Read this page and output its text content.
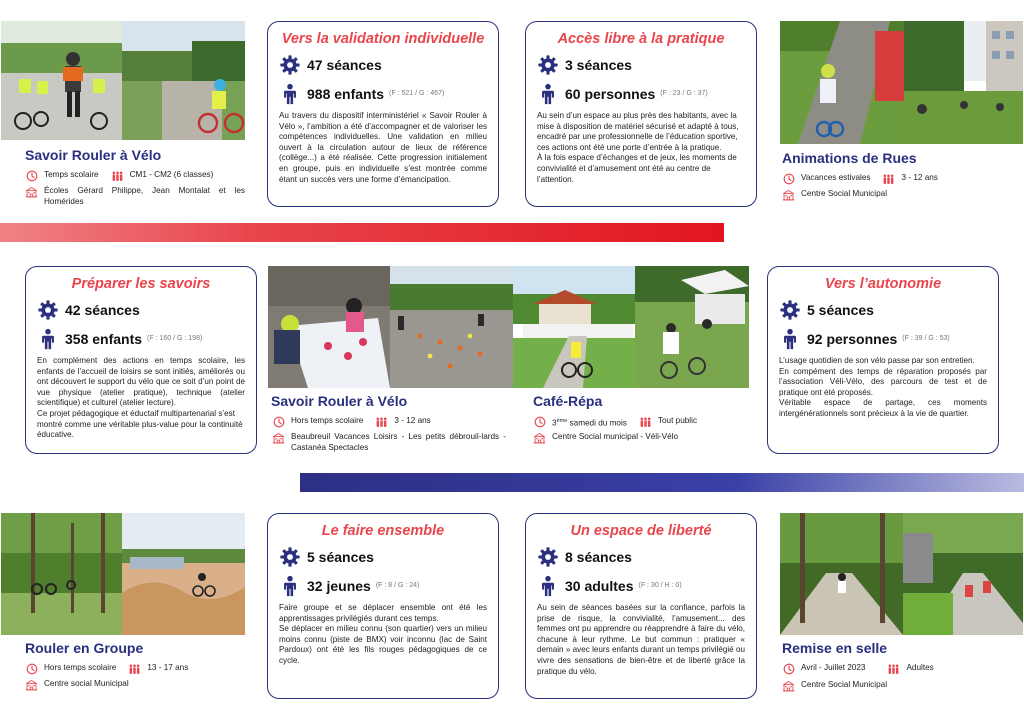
Vers la validation individuelle
47 séances
988 enfants (F : 521 / G : 467)

Au travers du dispositif interministériel « Savoir Rouler à Vélo », l’ambition a été d’accompagner et de valoriser les compétences individuelles. Une validation en milieu ouvert à la circulation autour de lieux de référence (collège...) a été réalisée. Cette progression initialement en groupe, puis en individuelle s’est montrée comme étant un succès vers une forme d’émancipation.

Accès libre à la pratique
3 séances
60 personnes (F : 23 / G : 37)

Au sein d’un espace au plus près des habitants, avec la mise à disposition de matériel sécurisé et adapté à tous, encadré par une professionnelle de l’éducation sportive, ces actions ont été une porte d’entrée à la pratique.

À la fois espace d’échanges et de jeux, les moments de convivialité et d’amusement ont été au centre de l’attention.

Préparer les savoirs
42 séances
358 enfants (F : 160 / G : 198)

En complément des actions en temps scolaire, les enfants de l’accueil de loisirs se sont initiés, améliorés ou ont découvert le support du vélo que ce soit d’un point de vue physique (atelier pratique), technique (atelier scientifique) et culturel (atelier lecture).

Ce projet pédagogique et éductaif multipartenarial s’est montré comme une véritable plus-value pour la continuité éducative.

Vers l’autonomie
5 séances
92 personnes (F : 39 / G : 53)

L’usage quotidien de son vélo passe par son entretien.

En compément des temps de réparation proposés par l’association Véli-Vélo, des parcours de test et de pratique ont été proposés.

Véritable espace de partage, ces moments intergénérationnels sont précieux à la vie de quartier.

Le faire ensemble
5 séances
32 jeunes (F : 8 / G : 24)

Faire groupe et se déplacer ensemble ont été les apprentissages privilégiés durant ces temps.

Se déplacer en milieu connu (son quartier) vers un milieu moins connu (piste de BMX) voir inconnu (lac de Saint Pardoux) ont été les fils rouges pédagogiques de ce cycle.

Un espace de liberté
8 séances
30 adultes (F : 30 / H : 0)

Au sein de séances basées sur la confiance, parfois la prise de risque, la convivialité, l’amusement... des femmes ont pu apprendre ou réapprendre à faire du vélo, chacune à leur rythme. Le but commun : pratiquer « demain » avec leurs enfants durant un temps privilégié ou vivre des sensations de bien-être et de liberté grâce la pratique du vélo.

Savoir Rouler à Vélo
Temps scolaire	CM1 - CM2 (6 classes)
Écoles Gérard Philippe, Jean Montalat et les Homérides
Animations de Rues
Vacances estivales	3 - 12 ans
Centre Social Municipal
Savoir Rouler à Vélo
Hors temps scolaire	3 - 12 ans
Beaubreuil Vacances Loisirs - Les petits débrouil-lards - Castanéa Spectacles
Café-Répa
3ème samedi du mois	Tout public
Centre Social municipal - Véli-Vélo
Rouler en Groupe
Hors temps scolaire	13 - 17 ans
Centre social Municipal
Remise en selle
Avril - Juillet 2023	Adultes
Centre Social Municipal
